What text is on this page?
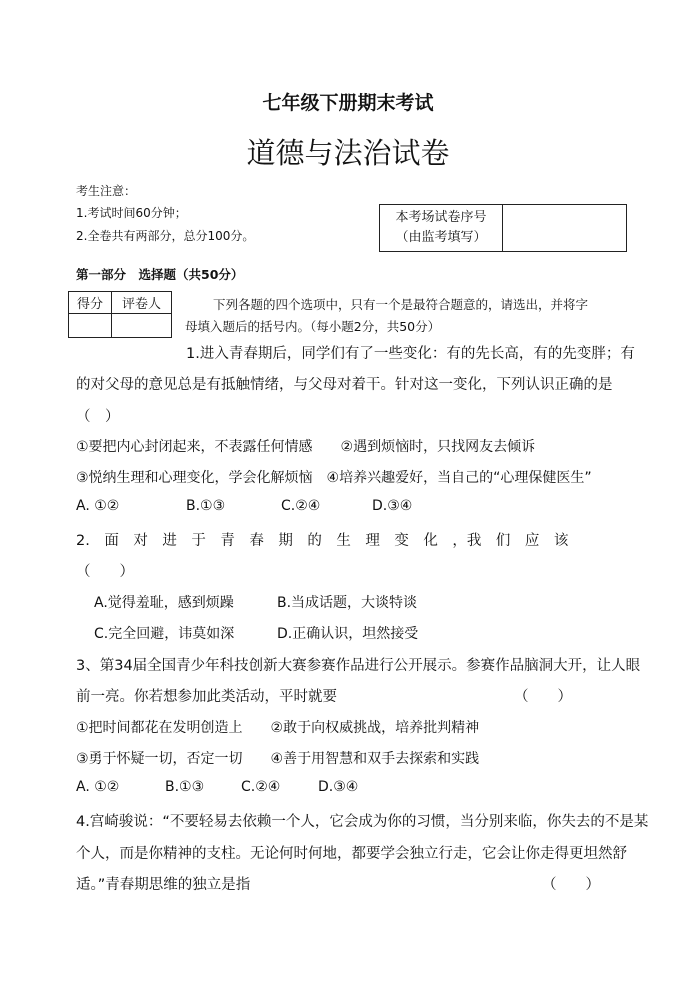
七年级下册期末考试
道德与法治试卷
考生注意：
1.考试时间60分钟；
2.全卷共有两部分，总分100分。
本考场试卷序号
（由监考填写）

第一部分　选择题（共50分）
得分	评卷人
		下列各题的四个选项中，只有一个是最符合题意的，请选出，并将字
母填入题后的括号内。（每小题2分，共50分）
1.进入青春期后，同学们有了一些变化：有的先长高，有的先变胖；有
的对父母的意见总是有抵触情绪，与父母对着干。针对这一变化，下列认识正确的是
（　）
①要把内心封闭起来，不表露任何情感　　②遇到烦恼时，只找网友去倾诉
③悦纳生理和心理变化，学会化解烦恼　④培养兴趣爱好，当自己的“心理保健医生”
A. ①②	B.①③	C.②④	D.③④
2.　面　对　进　于　青　春　期　的　生　理　变　化　，我　们　应　该
（　　）
A.觉得羞耻，感到烦躁	B.当成话题，大谈特谈
C.完全回避，讳莫如深	D.正确认识，坦然接受
3、第34届全国青少年科技创新大赛参赛作品进行公开展示。参赛作品脑洞大开，让人眼
前一亮。你若想参加此类活动，平时就要	（　　）
①把时间都花在发明创造上　　②敢于向权威挑战，培养批判精神
③勇于怀疑一切，否定一切　　④善于用智慧和双手去探索和实践
A. ①②	B.①③	C.②④	D.③④
4.宫崎骏说：“不要轻易去依赖一个人，它会成为你的习惯，当分别来临，你失去的不是某
个人，而是你精神的支柱。无论何时何地，都要学会独立行走，它会让你走得更坦然舒
适。”青春期思维的独立是指	（　　）
